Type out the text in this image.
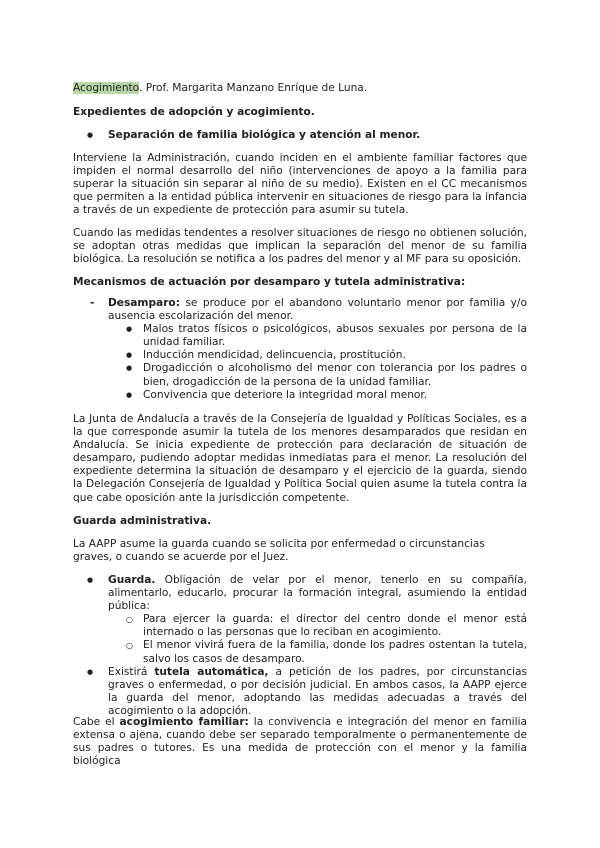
Acogimiento. Prof. Margarita Manzano Enríque de Luna.

Expedientes de adopción y acogimiento.

● Separación de familia biológica y atención al menor.

Interviene la Administración, cuando inciden en el ambiente familiar factores que impiden el normal desarrollo del niño (intervenciones de apoyo a la familia para superar la situación sin separar al niño de su medio). Existen en el CC mecanismos que permiten a la entidad pública intervenir en situaciones de riesgo para la infancia a través de un expediente de protección para asumir su tutela.

Cuando las medidas tendentes a resolver situaciones de riesgo no obtienen solución, se adoptan otras medidas que implican la separación del menor de su familia biológica. La resolución se notifica a los padres del menor y al MF para su oposición.

Mecanismos de actuación por desamparo y tutela administrativa:

- Desamparo: se produce por el abandono voluntario menor por familia y/o ausencia escolarización del menor.
● Malos tratos físicos o psicológicos, abusos sexuales por persona de la unidad familiar.
● Inducción mendicidad, delincuencia, prostitución.
● Drogadicción o alcoholismo del menor con tolerancia por los padres o bien, drogadicción de la persona de la unidad familiar.
● Convivencia que deteriore la integridad moral menor.

La Junta de Andalucía a través de la Consejería de Igualdad y Políticas Sociales, es a la que corresponde asumir la tutela de los menores desamparados que residan en Andalucía. Se inicia expediente de protección para declaración de situación de desamparo, pudiendo adoptar medidas inmediatas para el menor. La resolución del expediente determina la situación de desamparo y el ejercicio de la guarda, siendo la Delegación Consejería de Igualdad y Política Social quien asume la tutela contra la que cabe oposición ante la jurisdicción competente.

Guarda administrativa.

La AAPP asume la guarda cuando se solicita por enfermedad o circunstancias graves, o cuando se acuerde por el Juez.

● Guarda. Obligación de velar por el menor, tenerlo en su compañía, alimentarlo, educarlo, procurar la formación integral, asumiendo la entidad pública:
○ Para ejercer la guarda: el director del centro donde el menor está internado o las personas que lo reciban en acogimiento.
○ El menor vivirá fuera de la familia, donde los padres ostentan la tutela, salvo los casos de desamparo.
● Existirá tutela automática, a petición de los padres, por circunstancias graves o enfermedad, o por decisión judicial. En ambos casos, la AAPP ejerce la guarda del menor, adoptando las medidas adecuadas a través del acogimiento o la adopción.

Cabe el acogimiento familiar: la convivencia e integración del menor en familia extensa o ajena, cuando debe ser separado temporalmente o permanentemente de sus padres o tutores. Es una medida de protección con el menor y la familia biológica
